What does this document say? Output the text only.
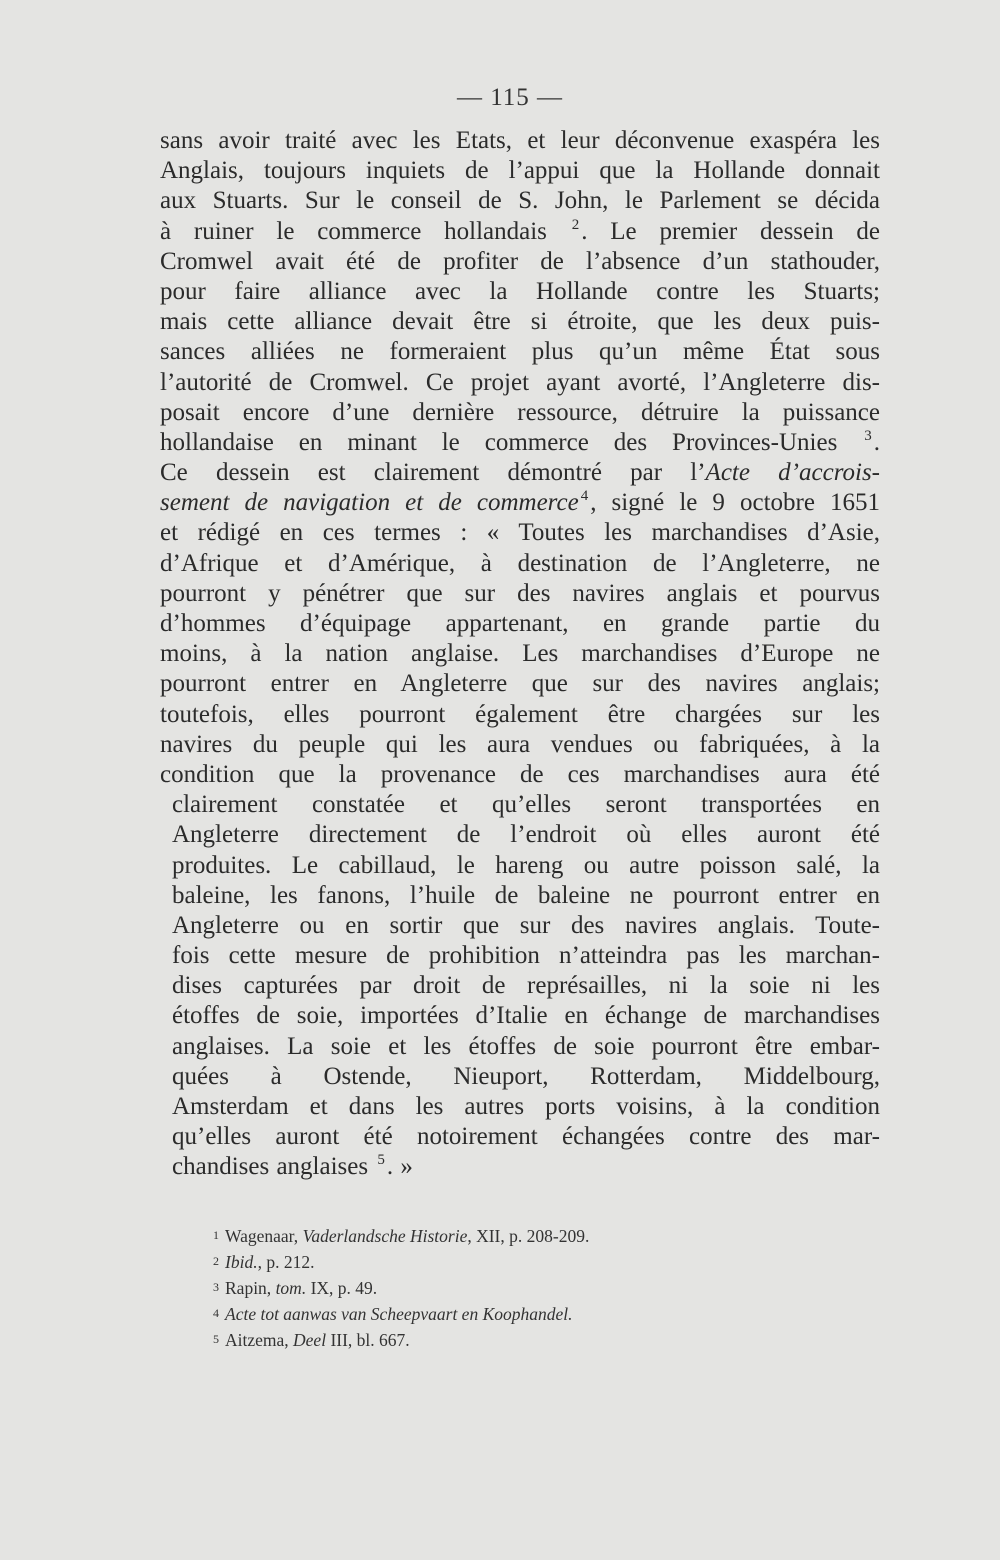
— 115 —
sans avoir traité avec les Etats, et leur déconvenue exaspéra les
Anglais, toujours inquiets de l’appui que la Hollande donnait
aux Stuarts. Sur le conseil de S. John, le Parlement se décida
à ruiner le commerce hollandais $^2$. Le premier dessein de
Cromwel avait été de profiter de l’absence d’un stathouder,
pour faire alliance avec la Hollande contre les Stuarts;
mais cette alliance devait être si étroite, que les deux puis-
sances alliées ne formeraient plus qu’un même État sous
l’autorité de Cromwel. Ce projet ayant avorté, l’Angleterre dis-
posait encore d’une dernière ressource, détruire la puissance
hollandaise en minant le commerce des Provinces-Unies $^3$.
Ce dessein est clairement démontré par l’Acte d’accrois-
sement de navigation et de commerce $^4$, signé le 9 octobre 1651
et rédigé en ces termes : « Toutes les marchandises d’Asie,
d’Afrique et d’Amérique, à destination de l’Angleterre, ne
pourront y pénétrer que sur des navires anglais et pourvus
d’hommes d’équipage appartenant, en grande partie du
moins, à la nation anglaise. Les marchandises d’Europe ne
pourront entrer en Angleterre que sur des navires anglais;
toutefois, elles pourront également être chargées sur les
navires du peuple qui les aura vendues ou fabriquées, à la
condition que la provenance de ces marchandises aura été
clairement constatée et qu’elles seront transportées en
Angleterre directement de l’endroit où elles auront été
produites. Le cabillaud, le hareng ou autre poisson salé, la
baleine, les fanons, l’huile de baleine ne pourront entrer en
Angleterre ou en sortir que sur des navires anglais. Toute-
fois cette mesure de prohibition n’atteindra pas les marchan-
dises capturées par droit de représailles, ni la soie ni les
étoffes de soie, importées d’Italie en échange de marchandises
anglaises. La soie et les étoffes de soie pourront être embar-
quées à Ostende, Nieuport, Rotterdam, Middelbourg,
Amsterdam et dans les autres ports voisins, à la condition
qu’elles auront été notoirement échangées contre des mar-
chandises anglaises $^5$. »
1 Wagenaar, Vaderlandsche Historie, XII, p. 208-209.
2 Ibid., p. 212.
3 Rapin, tom. IX, p. 49.
4 Acte tot aanwas van Scheepvaart en Koophandel.
5 Aitzema, Deel III, bl. 667.
